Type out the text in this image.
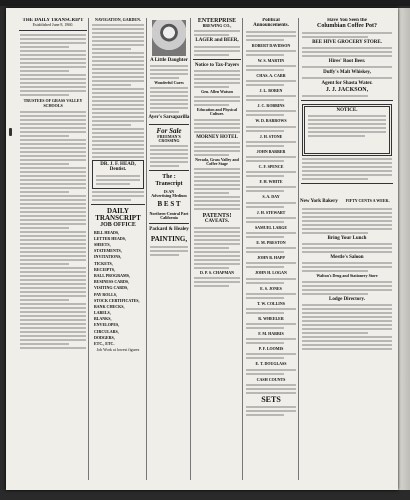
THE DAILY TRANSCRIPT
Established June 8, 1860.
TRUSTEES OF GRASS VALLEY SCHOOLS
NAVIGATION, GARDEN.
DR. J. F. HEAD, Dentist.
DAILY TRANSCRIPT
JOB OFFICE
BILL HEADS,
LETTER HEADS,
SHEETS,
STATEMENTS,
INVITATIONS,
TICKETS,
RECEIPTS,
BALL PROGRAMS,
BUSINESS CARDS,
VISITING CARDS,
PAY ROLLS,
STOCK CERTIFICATES,
BANK CHECKS,
LABELS,
BLANKS,
ENVELOPES,
CIRCULARS,
DODGERS,
ETC., ETC.
Job Work at lowest figures
A Little Daughter
Wonderful Cures
Ayer's Sarsaparilla
For Sale
FREEMAN'S CROSSING
The : Transcript
IS AN
Advertising Medium
B E S T
Northern-Central Part
California
Packard & Healey
PAINTING,
ENTERPRISE
BREWING CO.,
LAGER and BEER,
Notice to Tax-Payers
Gen. Allen Watson
Education and Physical Culture.
MORNEY HOTEL
Nevada, Grass Valley and Coffee Stage
PATENTS!
CAVEATS.
D. P. S. CHAPMAN
Political Announcements.
ROBERT DAVIDSON
W. S. MARTIN
CHAS. A. CARR
J. L. BOREN
J. C. ROBBINS
W. D. BARROWS
J. H. STONE
JOHN BARBER
C. F. SPENCE
F. H. WHITE
S. A. DAY
J. H. STEWART
SAMUEL LARGE
E. M. PRESTON
JOHN B. HAPP
JOHN H. LOGAN
E. S. JONES
T. W. COLLINS
R. WHEELER
F. M. HARRIS
P. F. LOOMIS
E. T. DOUGLASS
CASH COUNTS
SETS
Have You Seen the
Columbian Coffee Pot?
BEE HIVE GROCERY STORE.
Hires' Root Beer.
Duffy's Malt Whiskey,
Agent for Shasta Water.
J. J. JACKSON,
NOTICE.
New York Bakery FIFTY CENTS A WEEK.
Bring Your Lunch
Mestle's Saloon
Walton's Drug and Stationery Store
Lodge Directory.
